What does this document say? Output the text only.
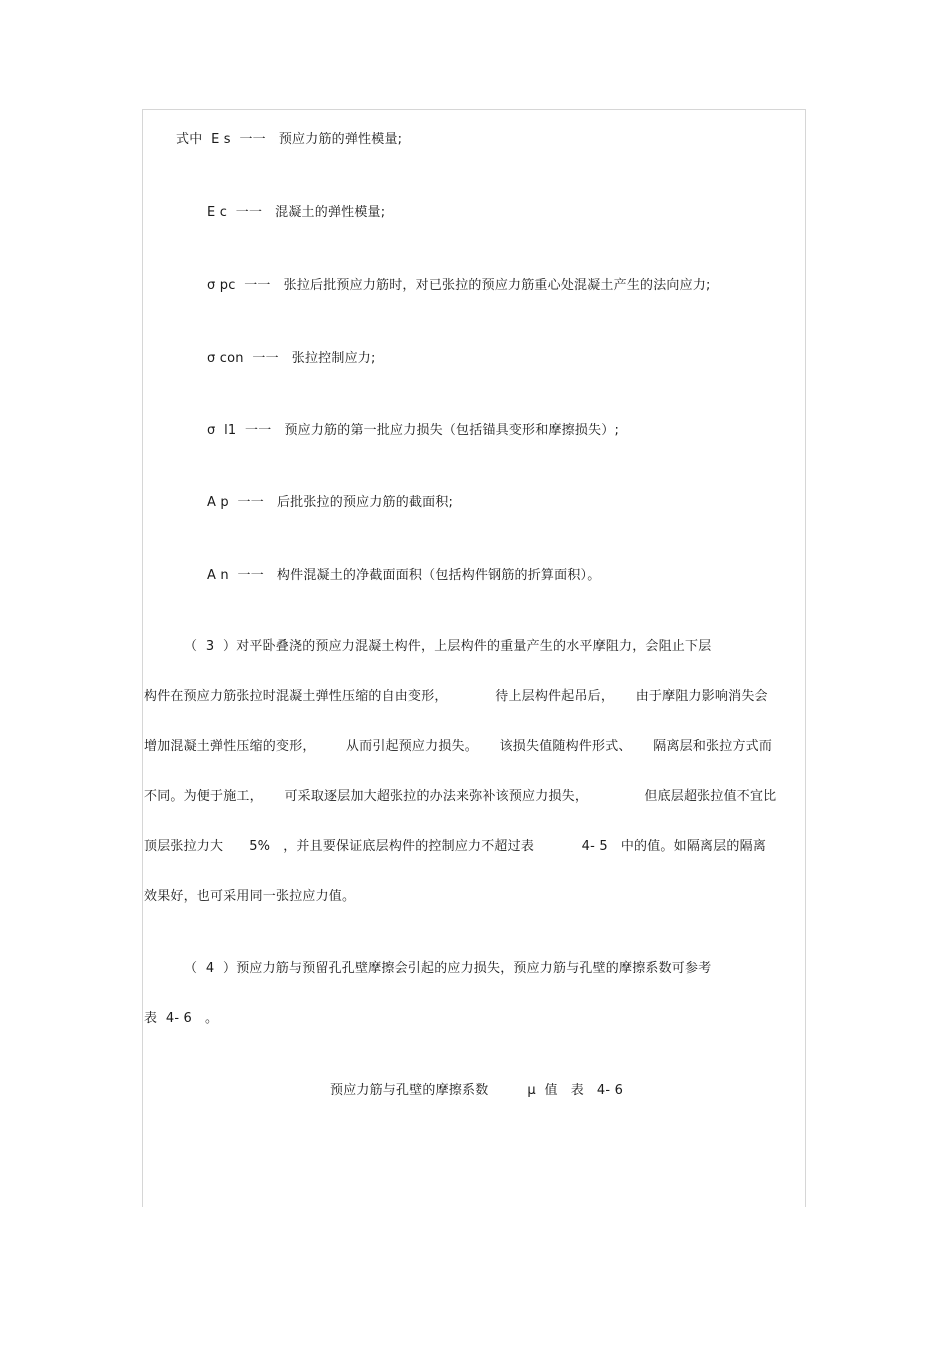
式中  E s  一一   预应力筋的弹性模量;
E c  一一   混凝土的弹性模量;
σ pc  一一   张拉后批预应力筋时，对已张拉的预应力筋重心处混凝土产生的法向应力;
σ con  一一   张拉控制应力;
σ  l1  一一   预应力筋的第一批应力损失（包括锚具变形和摩擦损失）;
A p  一一   后批张拉的预应力筋的截面积;
A n  一一   构件混凝土的净截面面积（包括构件钢筋的折算面积）。
（  3  ）对平卧叠浇的预应力混凝土构件，上层构件的重量产生的水平摩阻力，会阻止下层
构件在预应力筋张拉时混凝土弹性压缩的自由变形，           待上层构件起吊后，     由于摩阻力影响消失会
增加混凝土弹性压缩的变形，       从而引起预应力损失。     该损失值随构件形式、     隔离层和张拉方式而
不同。为便于施工，     可采取逐层加大超张拉的办法来弥补该预应力损失，             但底层超张拉值不宜比
顶层张拉力大      5%   ，并且要保证底层构件的控制应力不超过表           4- 5   中的值。如隔离层的隔离
效果好，也可采用同一张拉应力值。
（  4  ）预应力筋与预留孔孔壁摩擦会引起的应力损失，预应力筋与孔壁的摩擦系数可参考
表  4- 6   。
预应力筋与孔壁的摩擦系数         μ  值   表   4- 6
